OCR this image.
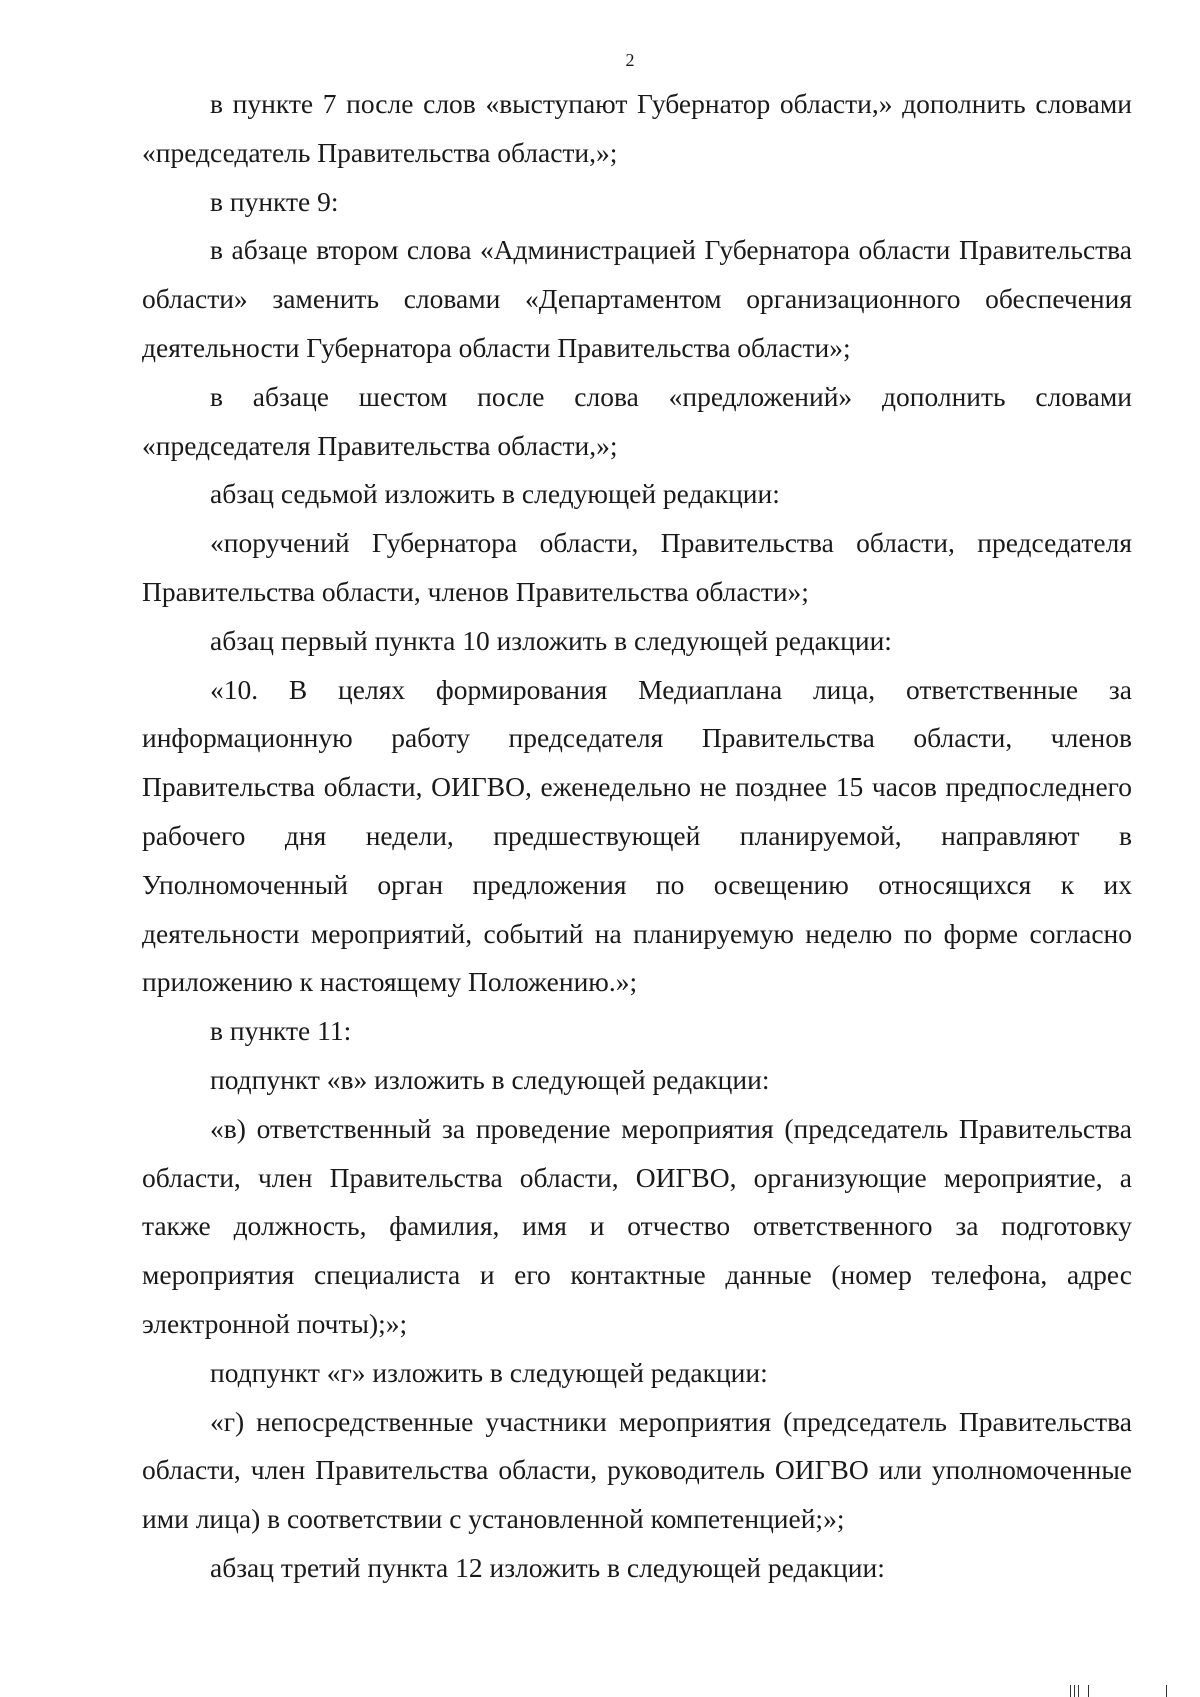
2

в пункте 7 после слов «выступают Губернатор области,» дополнить словами «председатель Правительства области,»;

в пункте 9:

в абзаце втором слова «Администрацией Губернатора области Правительства области» заменить словами «Департаментом организационного обеспечения деятельности Губернатора области Правительства области»;

в абзаце шестом после слова «предложений» дополнить словами «председателя Правительства области,»;

абзац седьмой изложить в следующей редакции:

«поручений Губернатора области, Правительства области, председателя Правительства области, членов Правительства области»;

абзац первый пункта 10 изложить в следующей редакции:

«10. В целях формирования Медиаплана лица, ответственные за информационную работу председателя Правительства области, членов Правительства области, ОИГВО, еженедельно не позднее 15 часов предпоследнего рабочего дня недели, предшествующей планируемой, направляют в Уполномоченный орган предложения по освещению относящихся к их деятельности мероприятий, событий на планируемую неделю по форме согласно приложению к настоящему Положению.»;

в пункте 11:

подпункт «в» изложить в следующей редакции:

«в) ответственный за проведение мероприятия (председатель Правительства области, член Правительства области, ОИГВО, организующие мероприятие, а также должность, фамилия, имя и отчество ответственного за подготовку мероприятия специалиста и его контактные данные (номер телефона, адрес электронной почты);»;

подпункт «г» изложить в следующей редакции:

«г) непосредственные участники мероприятия (председатель Правительства области, член Правительства области, руководитель ОИГВО или уполномоченные ими лица) в соответствии с установленной компетенцией;»;

абзац третий пункта 12 изложить в следующей редакции:
